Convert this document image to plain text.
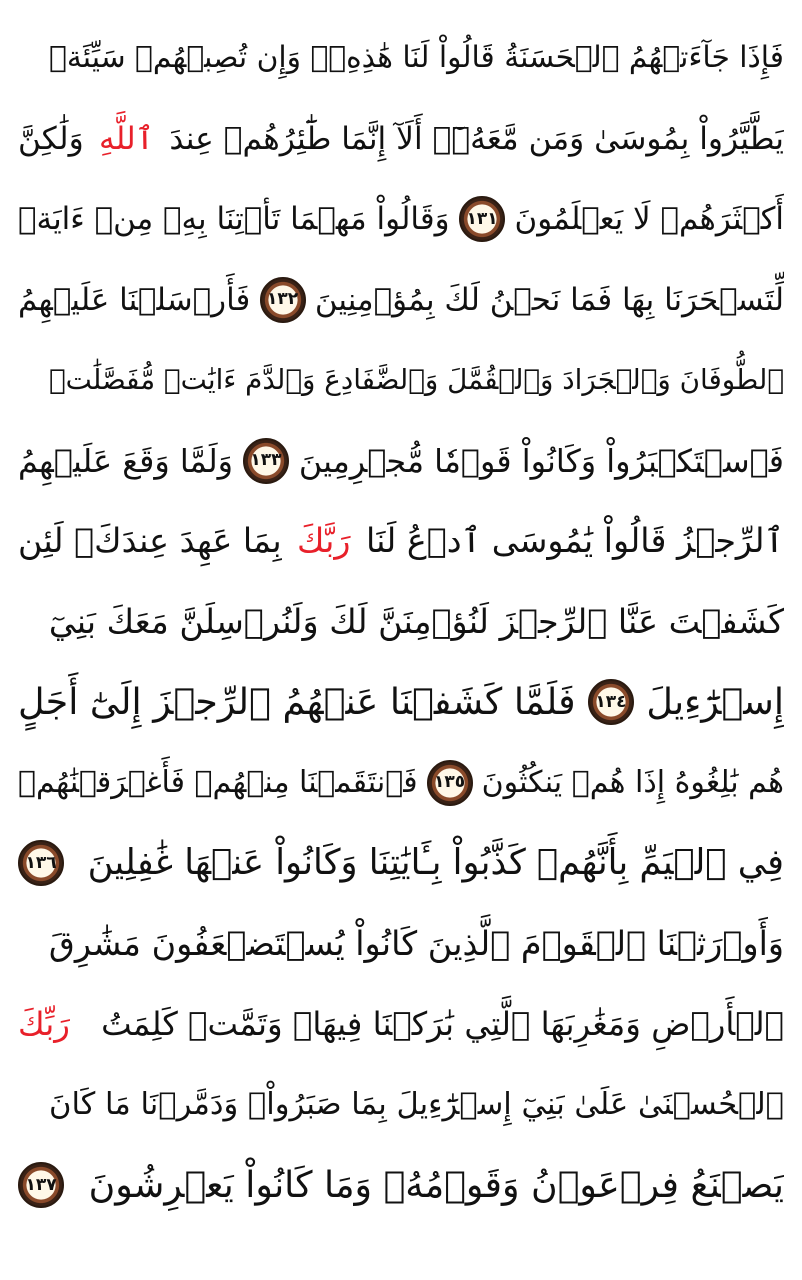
فَإِذَا جَآءَتۡهُمُ ٱلۡحَسَنَةُ قَالُواْ لَنَا هَٰذِهِۦۖ وَإِن تُصِبۡهُمۡ سَيِّئَةٞ
يَطَّيَّرُواْ بِمُوسَىٰ وَمَن مَّعَهُۥٓۗ أَلَآ إِنَّمَا طَٰٓئِرُهُمۡ عِندَ
ٱللَّهِ
وَلَٰكِنَّ
أَكۡثَرَهُمۡ لَا يَعۡلَمُونَ
١٣١
وَقَالُواْ مَهۡمَا تَأۡتِنَا بِهِۦ مِنۡ ءَايَةٖ
لِّتَسۡحَرَنَا بِهَا فَمَا نَحۡنُ لَكَ بِمُؤۡمِنِينَ
١٣٢
فَأَرۡسَلۡنَا عَلَيۡهِمُ
ٱلطُّوفَانَ وَٱلۡجَرَادَ وَٱلۡقُمَّلَ وَٱلضَّفَادِعَ وَٱلدَّمَ ءَايَٰتٖ مُّفَصَّلَٰتٖ
فَٱسۡتَكۡبَرُواْ وَكَانُواْ قَوۡمٗا مُّجۡرِمِينَ
١٣٣
وَلَمَّا وَقَعَ عَلَيۡهِمُ
ٱلرِّجۡزُ قَالُواْ يَٰمُوسَى ٱدۡعُ لَنَا
رَبَّكَ
بِمَا عَهِدَ عِندَكَۖ لَئِن
كَشَفۡتَ عَنَّا ٱلرِّجۡزَ لَنُؤۡمِنَنَّ لَكَ وَلَنُرۡسِلَنَّ مَعَكَ بَنِيٓ
إِسۡرَٰٓءِيلَ
١٣٤
فَلَمَّا كَشَفۡنَا عَنۡهُمُ ٱلرِّجۡزَ إِلَىٰٓ أَجَلٍ
هُم بَٰلِغُوهُ إِذَا هُمۡ يَنكُثُونَ
١٣٥
فَٱنتَقَمۡنَا مِنۡهُمۡ فَأَغۡرَقۡنَٰهُمۡ
فِي ٱلۡيَمِّ بِأَنَّهُمۡ كَذَّبُواْ بِـَٔايَٰتِنَا وَكَانُواْ عَنۡهَا غَٰفِلِينَ
١٣٦
وَأَوۡرَثۡنَا ٱلۡقَوۡمَ ٱلَّذِينَ كَانُواْ يُسۡتَضۡعَفُونَ مَشَٰرِقَ
ٱلۡأَرۡضِ وَمَغَٰرِبَهَا ٱلَّتِي بَٰرَكۡنَا فِيهَاۖ وَتَمَّتۡ كَلِمَتُ
رَبِّكَ
ٱلۡحُسۡنَىٰ عَلَىٰ بَنِيٓ إِسۡرَٰٓءِيلَ بِمَا صَبَرُواْۖ وَدَمَّرۡنَا مَا كَانَ
يَصۡنَعُ فِرۡعَوۡنُ وَقَوۡمُهُۥ وَمَا كَانُواْ يَعۡرِشُونَ
١٣٧
